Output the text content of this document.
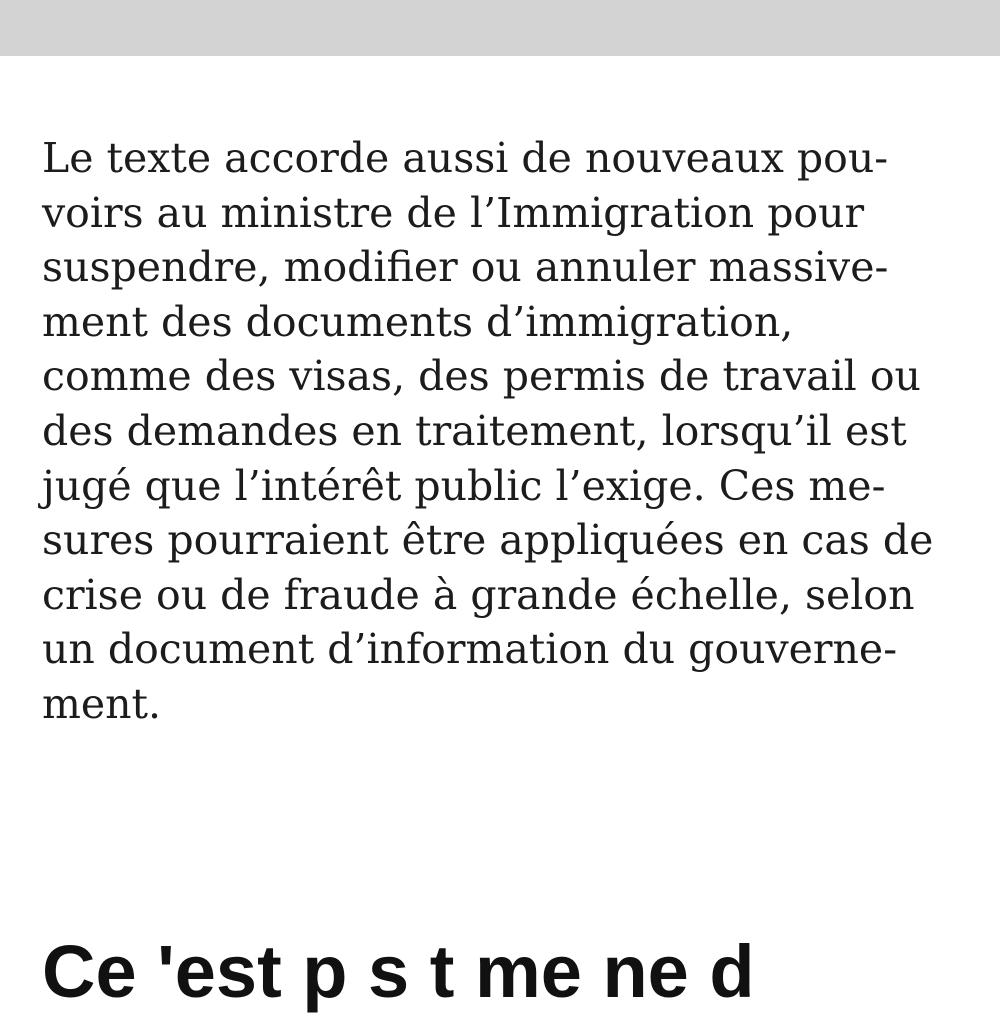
Le texte accorde aussi de nouveaux pou-

voirs au ministre de l’Immigration pour

suspendre, modifier ou annuler massive-

ment des documents d’immigration,

comme des visas, des permis de travail ou

des demandes en traitement, lorsqu’il est

jugé que l’intérêt public l’exige. Ces me-

sures pourraient être appliquées en cas de

crise ou de fraude à grande échelle, selon

un document d’information du gouverne-

ment.

Ce 'est p s t me ne d
